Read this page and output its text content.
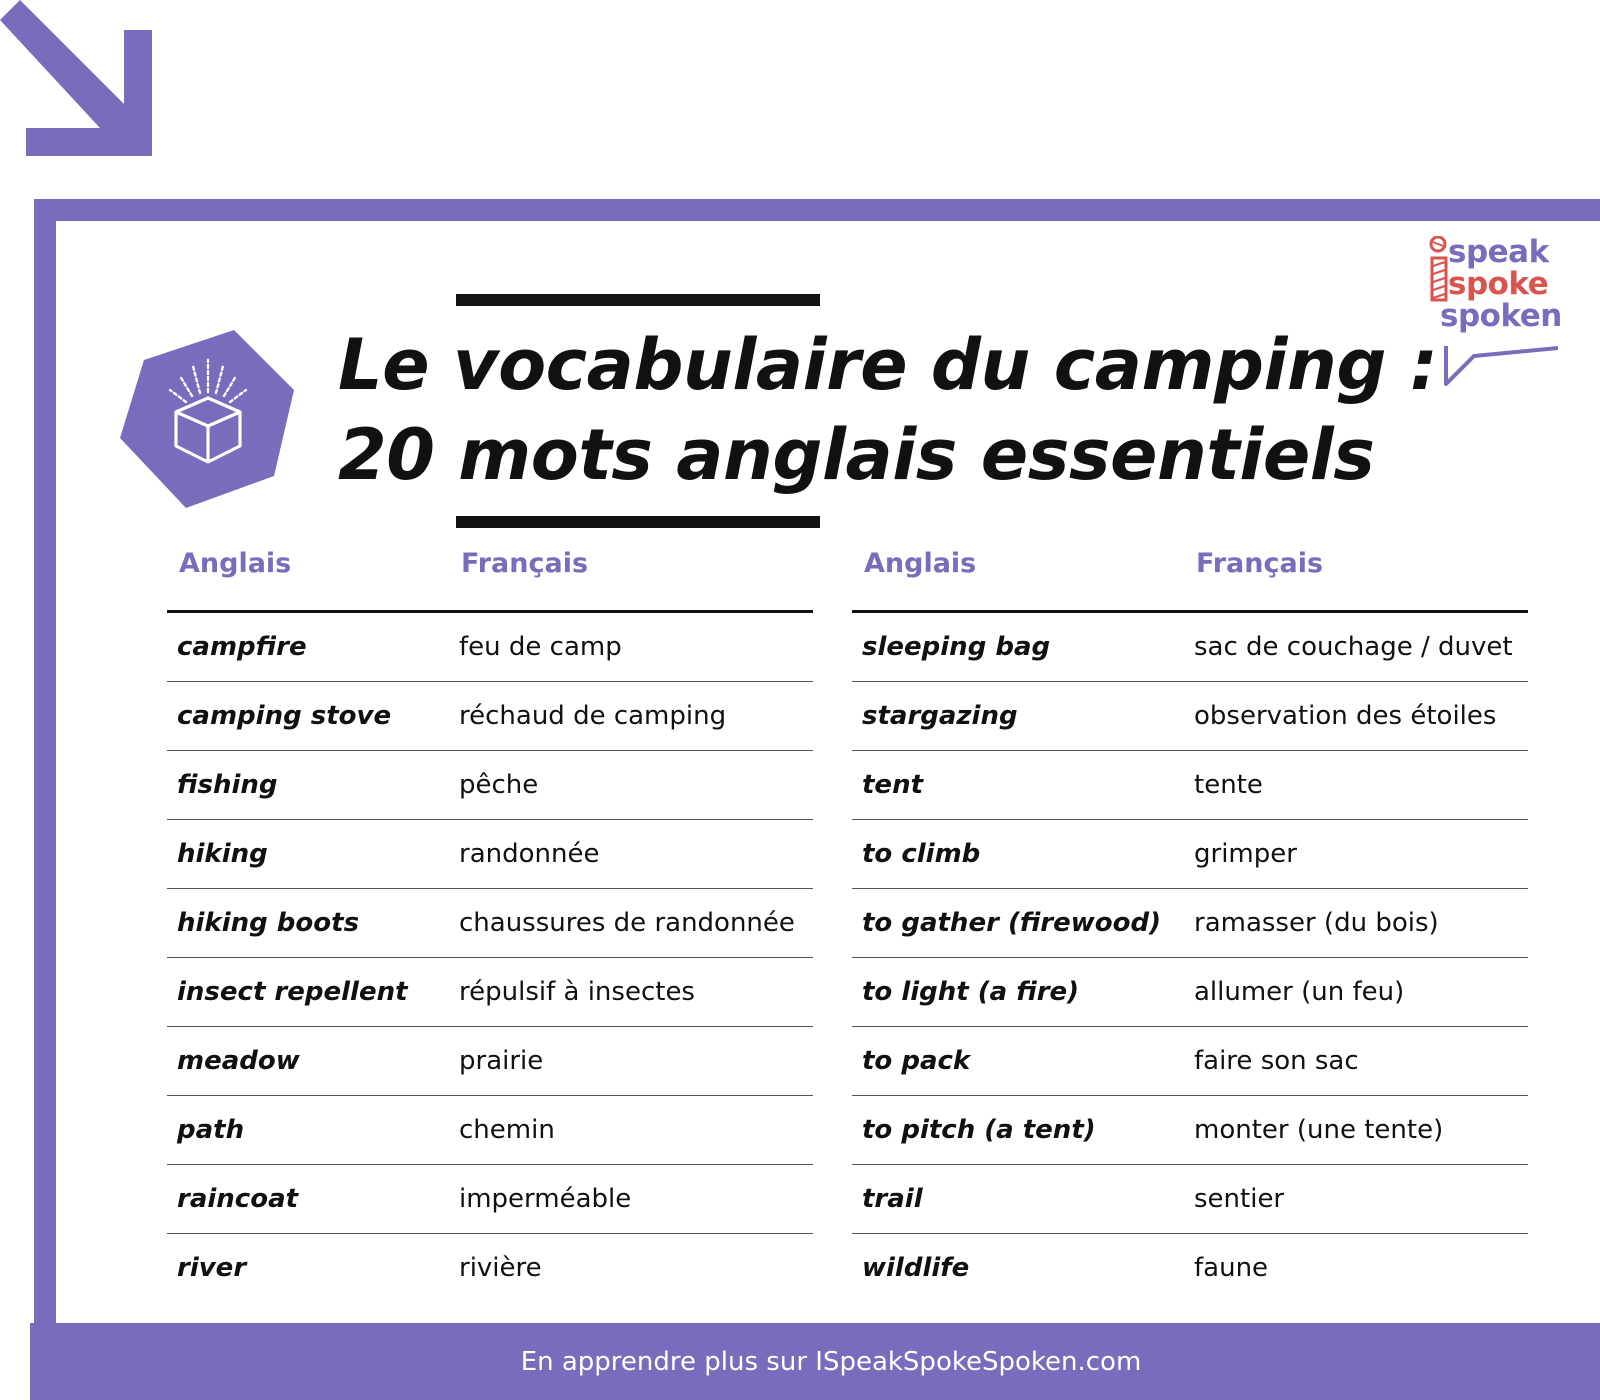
Le vocabulaire du camping :
20 mots anglais essentiels
speak
spoke
spoken
Anglais	Français
campfire	feu de camp
camping stove	réchaud de camping
fishing	pêche
hiking	randonnée
hiking boots	chaussures de randonnée
insect repellent	répulsif à insectes
meadow	prairie
path	chemin
raincoat	imperméable
river	rivière
Anglais	Français
sleeping bag	sac de couchage / duvet
stargazing	observation des étoiles
tent	tente
to climb	grimper
to gather (firewood)	ramasser (du bois)
to light (a fire)	allumer (un feu)
to pack	faire son sac
to pitch (a tent)	monter (une tente)
trail	sentier
wildlife	faune
En apprendre plus sur ISpeakSpokeSpoken.com
